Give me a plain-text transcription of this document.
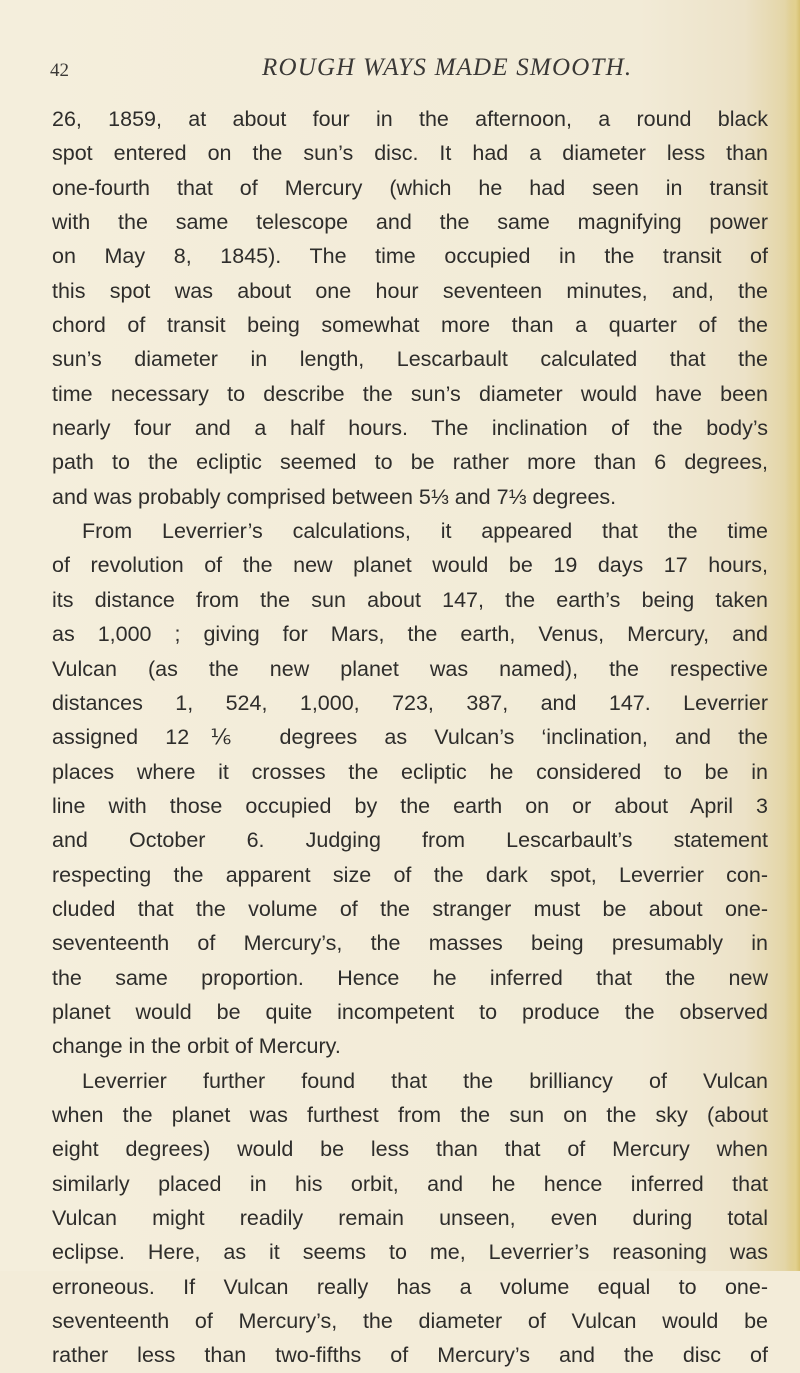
42	ROUGH WAYS MADE SMOOTH.
26, 1859, at about four in the afternoon, a round black
spot entered on the sun’s disc. It had a diameter less than
one-fourth that of Mercury (which he had seen in transit
with the same telescope and the same magnifying power
on May 8, 1845). The time occupied in the transit of
this spot was about one hour seventeen minutes, and, the
chord of transit being somewhat more than a quarter of the
sun’s diameter in length, Lescarbault calculated that the
time necessary to describe the sun’s diameter would have been
nearly four and a half hours. The inclination of the body’s
path to the ecliptic seemed to be rather more than 6 degrees,
and was probably comprised between 5⅓ and 7⅓ degrees.
From Leverrier’s calculations, it appeared that the time
of revolution of the new planet would be 19 days 17 hours,
its distance from the sun about 147, the earth’s being taken
as 1,000 ; giving for Mars, the earth, Venus, Mercury, and
Vulcan (as the new planet was named), the respective
distances 1, 524, 1,000, 723, 387, and 147. Leverrier
assigned 12⅙ degrees as Vulcan’s ‘inclination, and the
places where it crosses the ecliptic he considered to be in
line with those occupied by the earth on or about April 3
and October 6. Judging from Lescarbault’s statement
respecting the apparent size of the dark spot, Leverrier con-
cluded that the volume of the stranger must be about one-
seventeenth of Mercury’s, the masses being presumably in
the same proportion. Hence he inferred that the new
planet would be quite incompetent to produce the observed
change in the orbit of Mercury.
Leverrier further found that the brilliancy of Vulcan
when the planet was furthest from the sun on the sky (about
eight degrees) would be less than that of Mercury when
similarly placed in his orbit, and he hence inferred that
Vulcan might readily remain unseen, even during total
eclipse. Here, as it seems to me, Leverrier’s reasoning was
erroneous. If Vulcan really has a volume equal to one-
seventeenth of Mercury’s, the diameter of Vulcan would be
rather less than two-fifths of Mercury’s and the disc of
